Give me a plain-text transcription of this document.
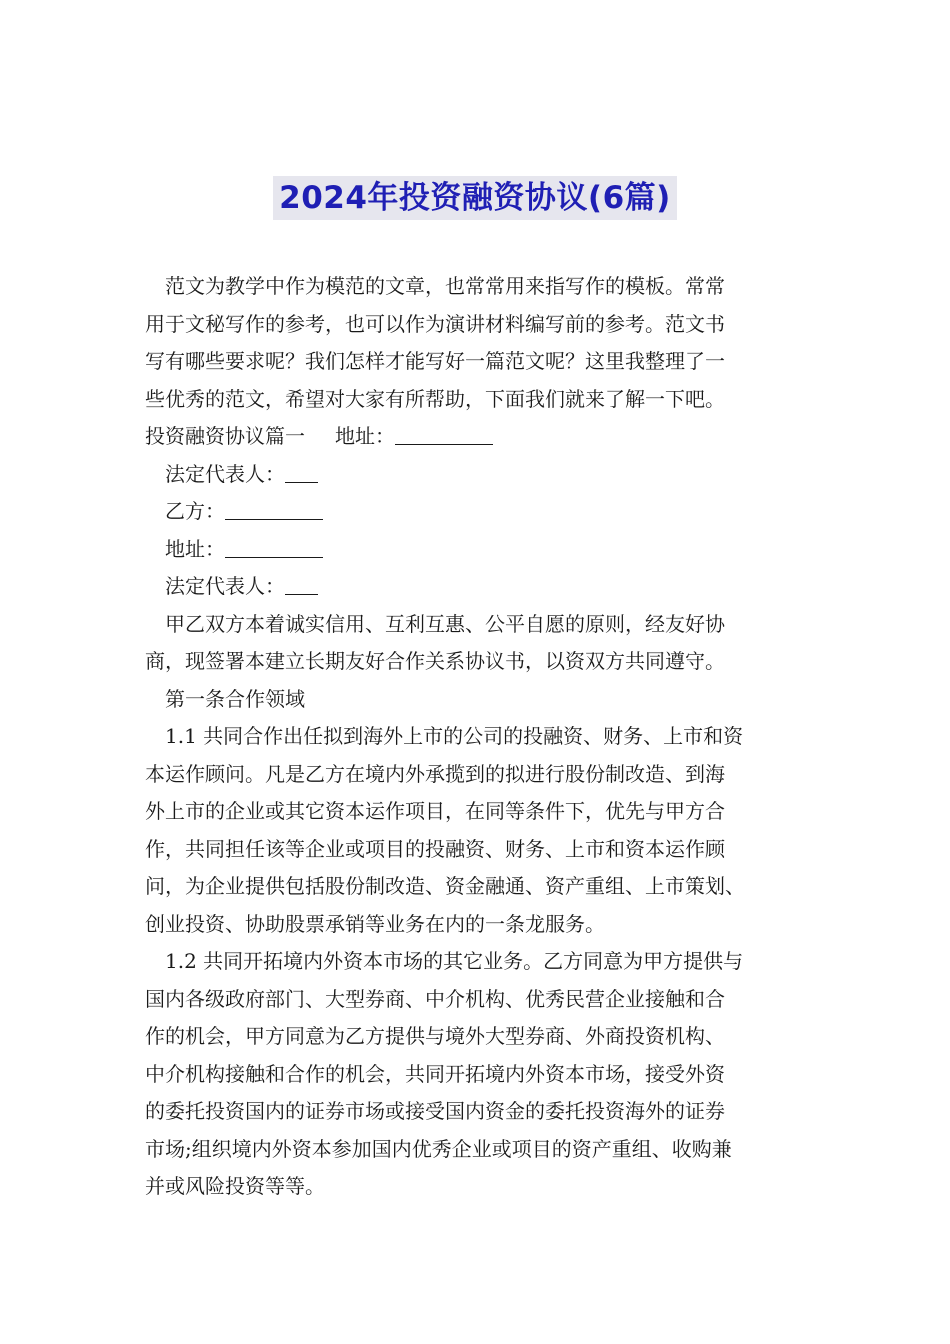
2024年投资融资协议(6篇)

范文为教学中作为模范的文章，也常常用来指写作的模板。常常

用于文秘写作的参考，也可以作为演讲材料编写前的参考。范文书

写有哪些要求呢？我们怎样才能写好一篇范文呢？这里我整理了一

些优秀的范文，希望对大家有所帮助，下面我们就来了解一下吧。

投资融资协议篇一 地址：

法定代表人：

乙方：

地址：

法定代表人：

甲乙双方本着诚实信用、互利互惠、公平自愿的原则，经友好协

商，现签署本建立长期友好合作关系协议书，以资双方共同遵守。

第一条合作领域

1.1 共同合作出任拟到海外上市的公司的投融资、财务、上市和资

本运作顾问。凡是乙方在境内外承揽到的拟进行股份制改造、到海

外上市的企业或其它资本运作项目，在同等条件下，优先与甲方合

作，共同担任该等企业或项目的投融资、财务、上市和资本运作顾

问，为企业提供包括股份制改造、资金融通、资产重组、上市策划、

创业投资、协助股票承销等业务在内的一条龙服务。

1.2 共同开拓境内外资本市场的其它业务。乙方同意为甲方提供与

国内各级政府部门、大型券商、中介机构、优秀民营企业接触和合

作的机会，甲方同意为乙方提供与境外大型券商、外商投资机构、

中介机构接触和合作的机会，共同开拓境内外资本市场，接受外资

的委托投资国内的证券市场或接受国内资金的委托投资海外的证券

市场;组织境内外资本参加国内优秀企业或项目的资产重组、收购兼

并或风险投资等等。
